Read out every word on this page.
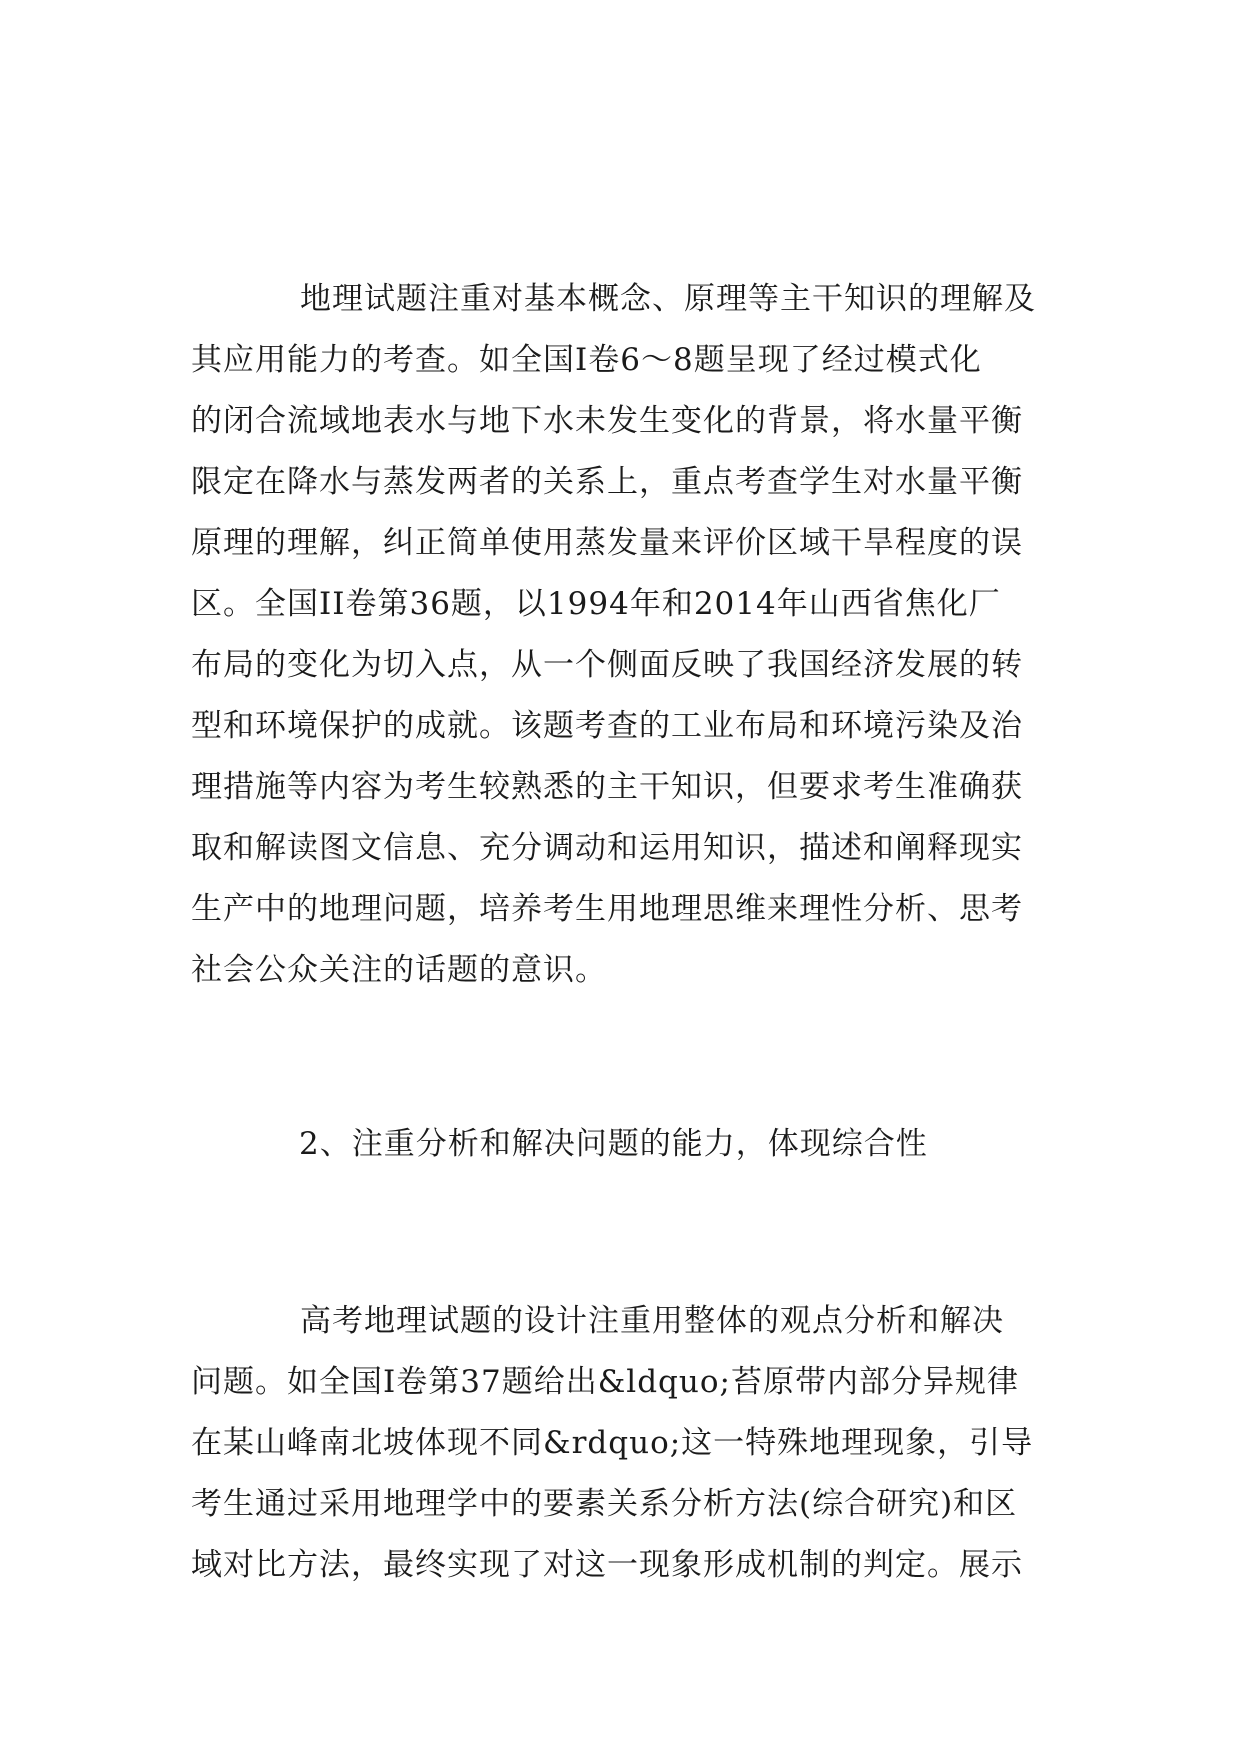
地理试题注重对基本概念、原理等主干知识的理解及
其应用能力的考查。如全国Ⅰ卷6～8题呈现了经过模式化
的闭合流域地表水与地下水未发生变化的背景，将水量平衡
限定在降水与蒸发两者的关系上，重点考查学生对水量平衡
原理的理解，纠正简单使用蒸发量来评价区域干旱程度的误
区。全国II卷第36题，以1994年和2014年山西省焦化厂
布局的变化为切入点，从一个侧面反映了我国经济发展的转
型和环境保护的成就。该题考查的工业布局和环境污染及治
理措施等内容为考生较熟悉的主干知识，但要求考生准确获
取和解读图文信息、充分调动和运用知识，描述和阐释现实
生产中的地理问题，培养考生用地理思维来理性分析、思考
社会公众关注的话题的意识。
2、注重分析和解决问题的能力，体现综合性
高考地理试题的设计注重用整体的观点分析和解决
问题。如全国Ⅰ卷第37题给出&ldquo;苔原带内部分异规律
在某山峰南北坡体现不同&rdquo;这一特殊地理现象，引导
考生通过采用地理学中的要素关系分析方法(综合研究)和区
域对比方法，最终实现了对这一现象形成机制的判定。展示
